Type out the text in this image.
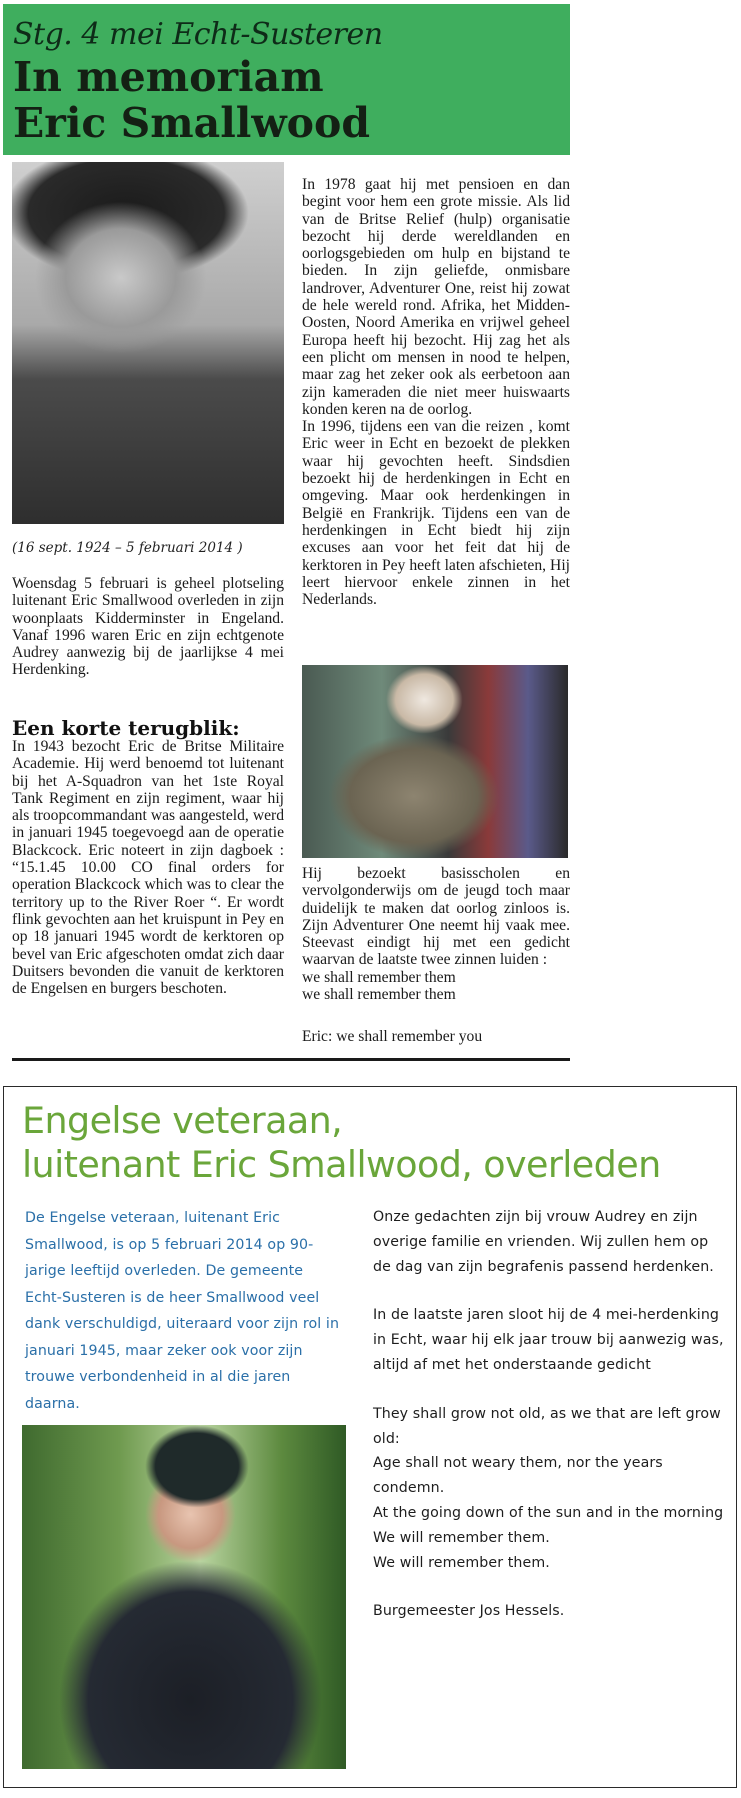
Stg. 4 mei Echt-Susteren
In memoriam
Eric Smallwood
(16 sept. 1924 – 5 februari 2014 )
Woensdag 5 februari is geheel plotseling luitenant Eric Smallwood overleden in zijn woonplaats Kidderminster in Engeland. Vanaf 1996 waren Eric en zijn echtgenote Audrey aanwezig bij de jaarlijkse 4 mei Herdenking.
Een korte terugblik:
In 1943 bezocht Eric de Britse Militaire Academie. Hij werd benoemd tot luitenant bij het A-Squadron van het 1ste Royal Tank Regiment en zijn regiment, waar hij als troopcommandant was aangesteld, werd in januari 1945 toegevoegd aan de operatie Blackcock. Eric noteert in zijn dagboek : “15.1.45 10.00 CO final orders for operation Blackcock which was to clear the territory up to the River Roer “. Er wordt flink gevochten aan het kruispunt in Pey en op 18 januari 1945 wordt de kerktoren op bevel van Eric afgeschoten omdat zich daar Duitsers bevonden die vanuit de kerktoren de Engelsen en burgers beschoten.

In 1978 gaat hij met pensioen en dan begint voor hem een grote missie. Als lid van de Britse Relief (hulp) organisatie bezocht hij derde wereldlanden en oorlogsgebieden om hulp en bijstand te bieden. In zijn geliefde, onmisbare landrover, Adventurer One, reist hij zowat de hele wereld rond. Afrika, het Midden-Oosten, Noord Amerika en vrijwel geheel Europa heeft hij bezocht. Hij zag het als een plicht om mensen in nood te helpen, maar zag het zeker ook als eerbetoon aan zijn kameraden die niet meer huiswaarts konden keren na de oorlog.

In 1996, tijdens een van die reizen , komt Eric weer in Echt en bezoekt de plekken waar hij gevochten heeft. Sindsdien bezoekt hij de herdenkingen in Echt en omgeving. Maar ook herdenkingen in België en Frankrijk. Tijdens een van de herdenkingen in Echt biedt hij zijn excuses aan voor het feit dat hij de kerktoren in Pey heeft laten afschieten, Hij leert hiervoor enkele zinnen in het Nederlands.

Hij bezoekt basisscholen en vervolgonderwijs om de jeugd toch maar duidelijk te maken dat oorlog zinloos is. Zijn Adventurer One neemt hij vaak mee. Steevast eindigt hij met een gedicht waarvan de laatste twee zinnen luiden :

we shall remember them

we shall remember them

Eric: we shall remember you
Engelse veteraan,
luitenant Eric Smallwood, overleden

De Engelse veteraan, luitenant Eric Smallwood, is op 5 februari 2014 op 90-jarige leeftijd overleden. De gemeente Echt-Susteren is de heer Smallwood veel dank verschuldigd, uiteraard voor zijn rol in januari 1945, maar zeker ook voor zijn trouwe verbondenheid in al die jaren daarna.

Onze gedachten zijn bij vrouw Audrey en zijn overige familie en vrienden. Wij zullen hem op de dag van zijn begrafenis passend herdenken.

In de laatste jaren sloot hij de 4 mei-herdenking in Echt, waar hij elk jaar trouw bij aanwezig was, altijd af met het onderstaande gedicht

They shall grow not old, as we that are left grow old:
Age shall not weary them, nor the years condemn.
At the going down of the sun and in the morning
We will remember them.
We will remember them.
Burgemeester Jos Hessels.
